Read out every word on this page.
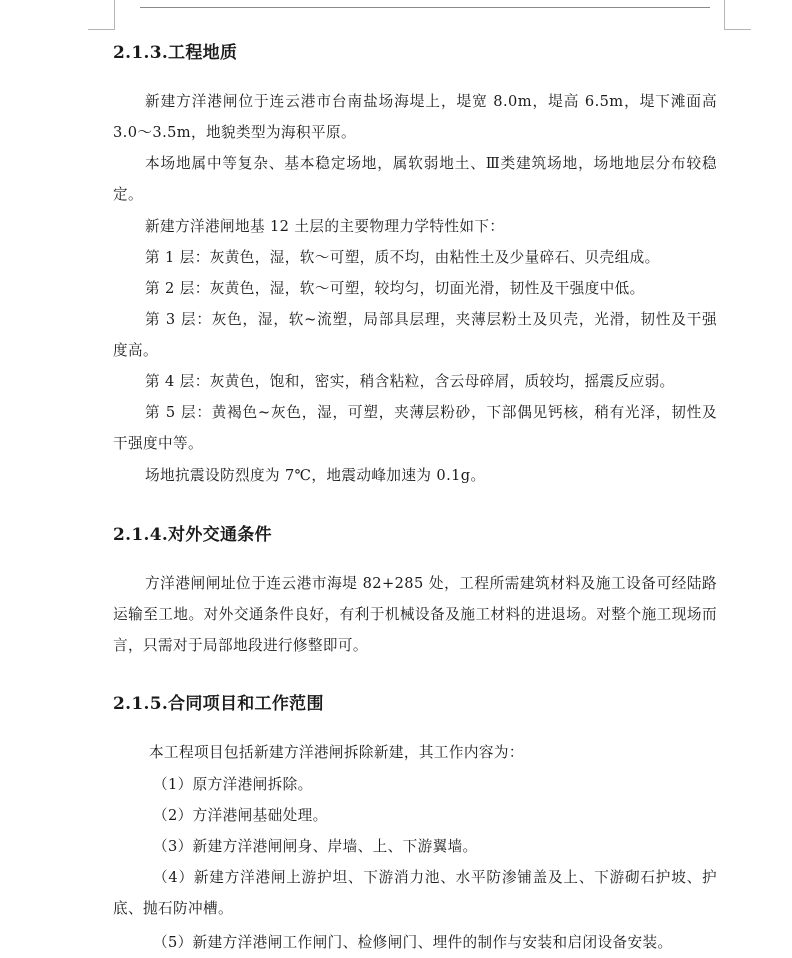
2.1.3.工程地质

新建方洋港闸位于连云港市台南盐场海堤上，堤宽 8.0m，堤高 6.5m，堤下滩面高 3.0～3.5m，地貌类型为海积平原。

本场地属中等复杂、基本稳定场地，属软弱地土、Ⅲ类建筑场地，场地地层分布较稳定。

新建方洋港闸地基 12 土层的主要物理力学特性如下：

第 1 层：灰黄色，湿，软～可塑，质不均，由粘性土及少量碎石、贝壳组成。

第 2 层：灰黄色，湿，软～可塑，较均匀，切面光滑，韧性及干强度中低。

第 3 层：灰色，湿，软~流塑，局部具层理，夹薄层粉土及贝壳，光滑，韧性及干强度高。

第 4 层：灰黄色，饱和，密实，稍含粘粒，含云母碎屑，质较均，摇震反应弱。

第 5 层：黄褐色~灰色，湿，可塑，夹薄层粉砂，下部偶见钙核，稍有光泽，韧性及干强度中等。

场地抗震设防烈度为 7℃，地震动峰加速为 0.1g。

2.1.4.对外交通条件

方洋港闸闸址位于连云港市海堤 82+285 处，工程所需建筑材料及施工设备可经陆路运输至工地。对外交通条件良好，有利于机械设备及施工材料的进退场。对整个施工现场而言，只需对于局部地段进行修整即可。

2.1.5.合同项目和工作范围

本工程项目包括新建方洋港闸拆除新建，其工作内容为：

（1）原方洋港闸拆除。

（2）方洋港闸基础处理。

（3）新建方洋港闸闸身、岸墙、上、下游翼墙。

（4）新建方洋港闸上游护坦、下游消力池、水平防渗铺盖及上、下游砌石护坡、护底、抛石防冲槽。

（5）新建方洋港闸工作闸门、检修闸门、埋件的制作与安装和启闭设备安装。
